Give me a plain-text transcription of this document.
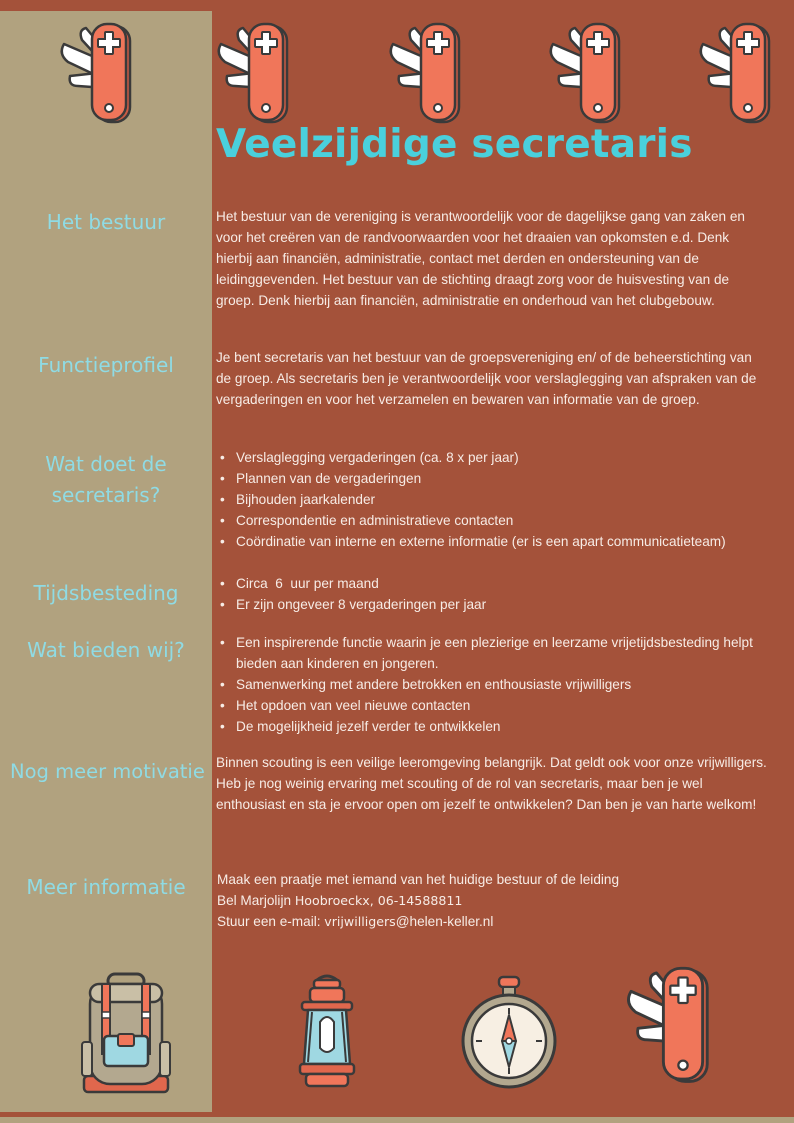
Veelzijdige secretaris
Het bestuur	Het bestuur van de vereniging is verantwoordelijk voor de dagelijkse gang van zaken en voor het creëren van de randvoorwaarden voor het draaien van opkomsten e.d. Denk hierbij aan financiën, administratie, contact met derden en ondersteuning van de leidinggevenden. Het bestuur van de stichting draagt zorg voor de huisvesting van de groep. Denk hierbij aan financiën, administratie en onderhoud van het clubgebouw.

Functieprofiel	Je bent secretaris van het bestuur van de groepsvereniging en/ of de beheerstichting van de groep. Als secretaris ben je verantwoordelijk voor verslaglegging van afspraken van de vergaderingen en voor het verzamelen en bewaren van informatie van de groep.

Wat doet de
secretaris?
• Verslaglegging vergaderingen (ca. 8 x per jaar)
• Plannen van de vergaderingen
• Bijhouden jaarkalender
• Correspondentie en administratieve contacten
• Coördinatie van interne en externe informatie (er is een apart communicatieteam)
Tijdsbesteding	• Circa  6  uur per maand
• Er zijn ongeveer 8 vergaderingen per jaar
Wat bieden wij?	• Een inspirerende functie waarin je een plezierige en leerzame vrijetijdsbesteding helpt bieden aan kinderen en jongeren.
• Samenwerking met andere betrokken en enthousiaste vrijwilligers
• Het opdoen van veel nieuwe contacten
• De mogelijkheid jezelf verder te ontwikkelen
Nog meer motivatie Binnen scouting is een veilige leeromgeving belangrijk. Dat geldt ook voor onze vrijwilligers. Heb je nog weinig ervaring met scouting of de rol van secretaris, maar ben je wel enthousiast en sta je ervoor open om jezelf te ontwikkelen? Dan ben je van harte welkom!

Meer informatie	Maak een praatje met iemand van het huidige bestuur of de leiding
Bel Marjolijn Hoobroeckx, 06-14588811
Stuur een e-mail: vrijwilligers@helen-keller.nl
